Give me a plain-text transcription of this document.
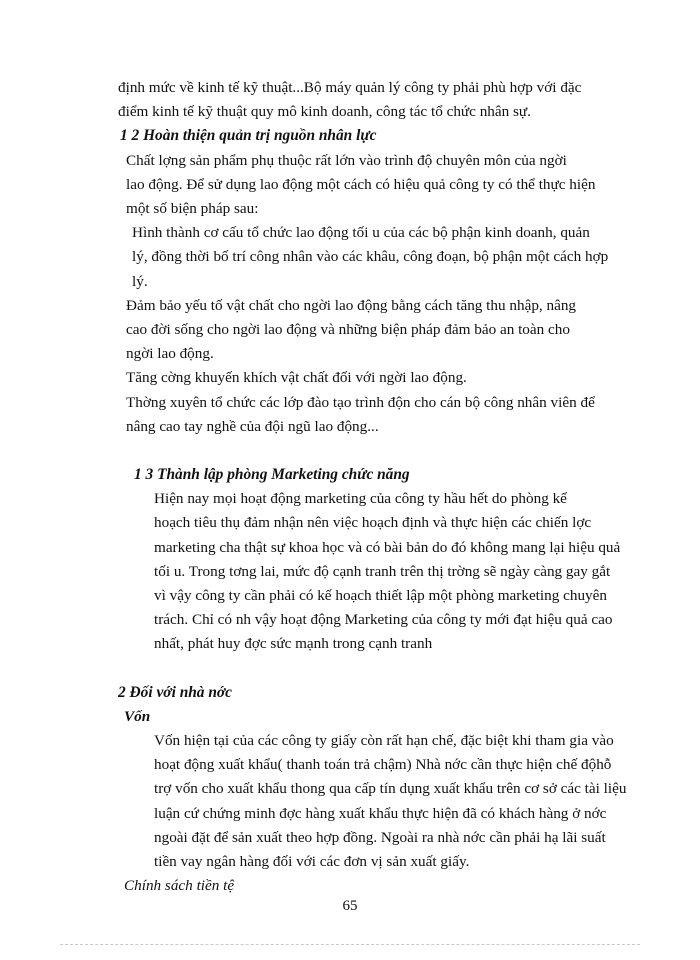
định mức về kinh tế kỹ thuật...Bộ máy quản lý công ty phải phù hợp với đặc
điểm kinh tế kỹ thuật quy mô kinh doanh, công tác tổ chức nhân sự.

1 2 Hoàn thiện quản trị nguồn nhân lực

Chất lợng sản phẩm phụ thuộc rất lớn vào trình độ chuyên môn của ngời
lao động. Để sử dụng lao động một cách có hiệu quả công ty có thể thực hiện
một số biện pháp sau:

Hình thành cơ cấu tổ chức lao động tối u của các bộ phận kinh doanh, quản
lý, đồng thời bố trí công nhân vào các khâu, công đoạn, bộ phận một cách hợp
lý.

Đảm bảo yếu tố vật chất cho ngời lao động bằng cách tăng thu nhập, nâng
cao đời sống cho ngời lao động và những biện pháp đảm bảo an toàn cho
ngời lao động.

Tăng cờng khuyến khích vật chất đối với ngời lao động.

Thờng xuyên tổ chức các lớp đào tạo trình độn cho cán bộ công nhân viên để
nâng cao tay nghề của đội ngũ lao động...

1 3 Thành lập phòng Marketing chức năng

Hiện nay mọi hoạt động marketing của công ty hầu hết do phòng kế
hoạch tiêu thụ đảm nhận nên việc hoạch định và thực hiện các chiến lợc
marketing cha thật sự khoa học và có bài bản do đó không mang lại hiệu quả
tối u. Trong tơng lai, mức độ cạnh tranh trên thị trờng sẽ ngày càng gay gắt
vì vậy công ty cần phải có kế hoạch thiết lập một phòng marketing chuyên
trách. Chỉ có nh vậy hoạt động Marketing của công ty mới đạt hiệu quả cao
nhất, phát huy đợc sức mạnh trong cạnh tranh

2 Đối với nhà nớc

Vốn

Vốn hiện tại của các công ty giấy còn rất hạn chế, đặc biệt khi tham gia vào
hoạt động xuất khẩu( thanh toán trả chậm) Nhà nớc cần thực hiện chế độhỗ
trợ vốn cho xuất khẩu thong qua cấp tín dụng xuất khẩu trên cơ sở các tài liệu
luận cứ chứng minh đợc hàng xuất khẩu thực hiện đã có khách hàng ở nớc
ngoài đặt để sản xuất theo hợp đồng. Ngoài ra nhà nớc cần phải hạ lãi suất
tiền vay ngân hàng đối với các đơn vị sản xuất giấy.

Chính sách tiền tệ

65
